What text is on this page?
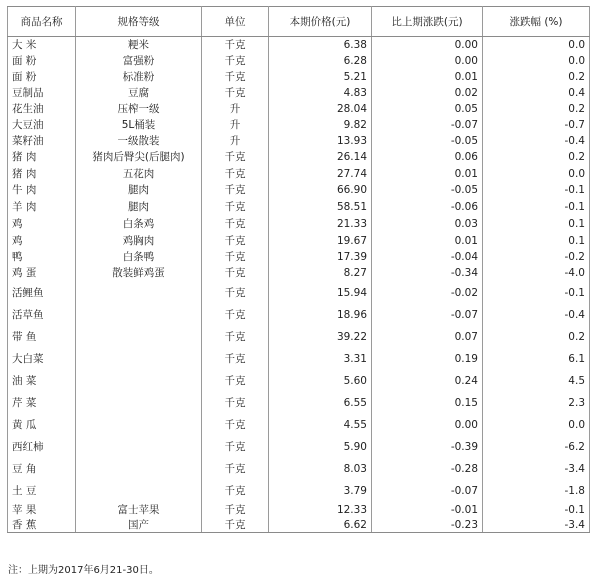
商品名称	规格等级	单位	本期价格(元)	比上期涨跌(元)	涨跌幅 (%)
大 米	粳米	千克	6.38	0.00	0.0
面 粉	富强粉	千克	6.28	0.00	0.0
面 粉	标准粉	千克	5.21	0.01	0.2
豆制品	豆腐	千克	4.83	0.02	0.4
花生油	压榨一级	升	28.04	0.05	0.2
大豆油	5L桶装	升	9.82	-0.07	-0.7
菜籽油	一级散装	升	13.93	-0.05	-0.4
猪 肉	猪肉后臀尖(后腿肉)	千克	26.14	0.06	0.2
猪 肉	五花肉	千克	27.74	0.01	0.0
牛 肉	腿肉	千克	66.90	-0.05	-0.1
羊 肉	腿肉	千克	58.51	-0.06	-0.1
鸡	白条鸡	千克	21.33	0.03	0.1
鸡	鸡胸肉	千克	19.67	0.01	0.1
鸭	白条鸭	千克	17.39	-0.04	-0.2
鸡 蛋	散装鲜鸡蛋	千克	8.27	-0.34	-4.0
活鲤鱼		千克	15.94	-0.02	-0.1
活草鱼		千克	18.96	-0.07	-0.4
带 鱼		千克	39.22	0.07	0.2
大白菜		千克	3.31	0.19	6.1
油 菜		千克	5.60	0.24	4.5
芹 菜		千克	6.55	0.15	2.3
黄 瓜		千克	4.55	0.00	0.0
西红柿		千克	5.90	-0.39	-6.2
豆 角		千克	8.03	-0.28	-3.4
土 豆		千克	3.79	-0.07	-1.8
苹 果	富士苹果	千克	12.33	-0.01	-0.1
香 蕉	国产	千克	6.62	-0.23	-3.4
注：上期为2017年6月21-30日。
